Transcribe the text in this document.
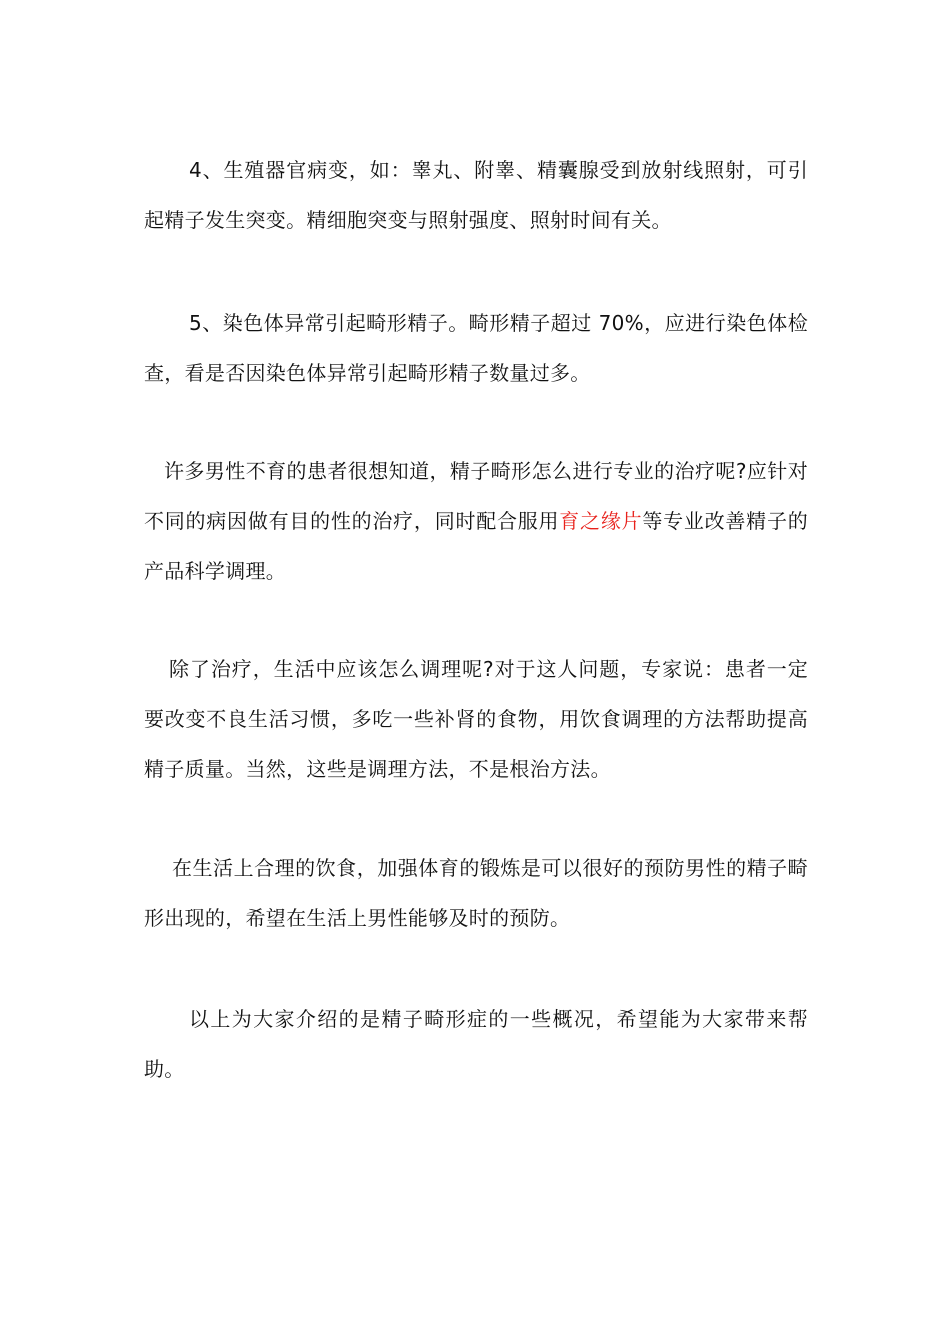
4、生殖器官病变，如：睾丸、附睾、精囊腺受到放射线照射，可引起精子发生突变。精细胞突变与照射强度、照射时间有关。

5、染色体异常引起畸形精子。畸形精子超过 70%，应进行染色体检查，看是否因染色体异常引起畸形精子数量过多。

许多男性不育的患者很想知道，精子畸形怎么进行专业的治疗呢?应针对不同的病因做有目的性的治疗，同时配合服用育之缘片等专业改善精子的产品科学调理。

除了治疗，生活中应该怎么调理呢?对于这人问题，专家说：患者一定要改变不良生活习惯，多吃一些补肾的食物，用饮食调理的方法帮助提高精子质量。当然，这些是调理方法，不是根治方法。

在生活上合理的饮食，加强体育的锻炼是可以很好的预防男性的精子畸形出现的，希望在生活上男性能够及时的预防。

以上为大家介绍的是精子畸形症的一些概况，希望能为大家带来帮助。
